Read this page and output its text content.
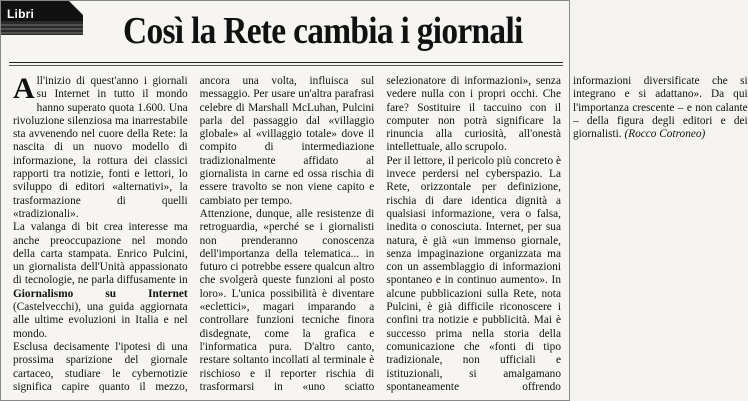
Libri Così la Rete cambia i giornali

All'inizio di quest'anno i giornali su Internet in tutto il mondo hanno superato quota 1.600. Una rivoluzione silenziosa ma inarrestabile sta avvenendo nel cuore della Rete: la nascita di un nuovo modello di informazione, la rottura dei classici rapporti tra notizie, fonti e lettori, lo sviluppo di editori «alternativi», la trasformazione di quelli «tradizionali».

La valanga di bit crea interesse ma anche preoccupazione nel mondo della carta stampata. Enrico Pulcini, un giornalista dell'Unità appassionato di tecnologie, ne parla diffusamente in Giornalismo su Internet (Castelvecchi), una guida aggiornata alle ultime evoluzioni in Italia e nel mondo.

Esclusa decisamente l'ipotesi di una prossima sparizione del giornale cartaceo, studiare le cybernotizie significa capire quanto il mezzo, ancora una volta, influisca sul messaggio. Per usare un'altra parafrasi celebre di Marshall McLuhan, Pulcini parla del passaggio dal «villaggio globale» al «villaggio totale» dove il compito di intermediazione tradizionalmente affidato al giornalista in carne ed ossa rischia di essere travolto se non viene capito e cambiato per tempo.

Attenzione, dunque, alle resistenze di retroguardia, «perché se i giornalisti non prenderanno conoscenza dell'importanza della telematica... in futuro ci potrebbe essere qualcun altro che svolgerà queste funzioni al posto loro». L'unica possibilità è diventare «eclettici», magari imparando a controllare funzioni tecniche finora disdegnate, come la grafica e l'informatica pura. D'altro canto, restare soltanto incollati al terminale è rischioso e il reporter rischia di trasformarsi in «uno sciatto selezionatore di informazioni», senza vedere nulla con i propri occhi. Che fare? Sostituire il taccuino con il computer non potrà significare la rinuncia alla curiosità, all'onestà intellettuale, allo scrupolo.

Per il lettore, il pericolo più concreto è invece perdersi nel cyberspazio. La Rete, orizzontale per definizione, rischia di dare identica dignità a qualsiasi informazione, vera o falsa, inedita o conosciuta. Internet, per sua natura, è già «un immenso giornale, senza impaginazione organizzata ma con un assemblaggio di informazioni spontaneo e in continuo aumento». In alcune pubblicazioni sulla Rete, nota Pulcini, è già difficile riconoscere i confini tra notizie e pubblicità. Mai è successo prima nella storia della comunicazione che «fonti di tipo tradizionale, non ufficiali e istituzionali, si amalgamano spontaneamente offrendo informazioni diversificate che si integrano e si adattano». Da qui l'importanza crescente – e non calante – della figura degli editori e dei giornalisti. (Rocco Cotroneo)
